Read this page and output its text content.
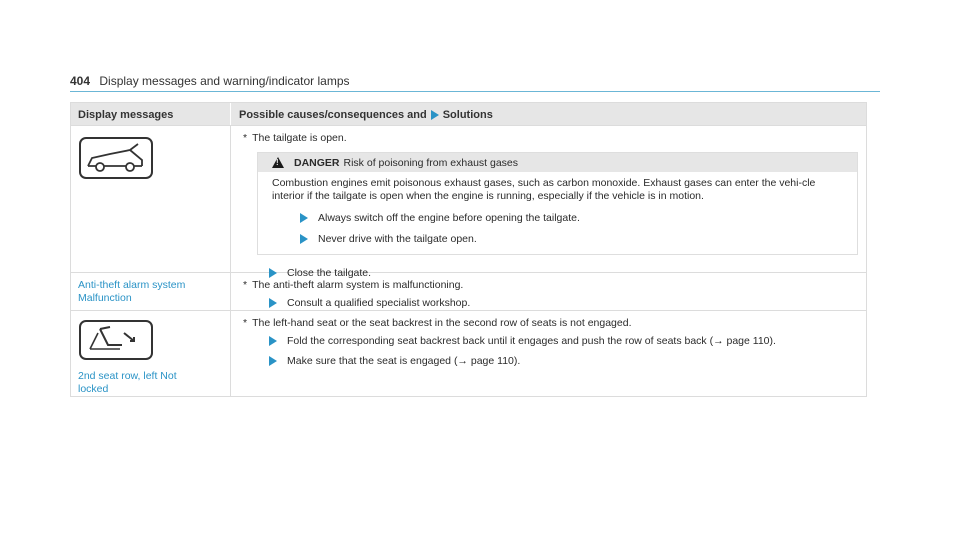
404 Display messages and warning/indicator lamps
Display messages	Possible causes/consequences and Solutions
* The tailgate is open.
!
DANGER Risk of poisoning from exhaust gases
Combustion engines emit poisonous exhaust gases, such as carbon monoxide. Exhaust gases can enter the vehi-cle interior if the tailgate is open when the engine is running, especially if the vehicle is in motion.
Always switch off the engine before opening the tailgate.
Never drive with the tailgate open.
Close the tailgate.
Anti-theft alarm system
Malfunction
* The anti-theft alarm system is malfunctioning.
Consult a qualified specialist workshop.
2nd seat row, left Not
locked
* The left-hand seat or the seat backrest in the second row of seats is not engaged.
Fold the corresponding seat backrest back until it engages and push the row of seats back (→ page 110).
Make sure that the seat is engaged (→ page 110).
